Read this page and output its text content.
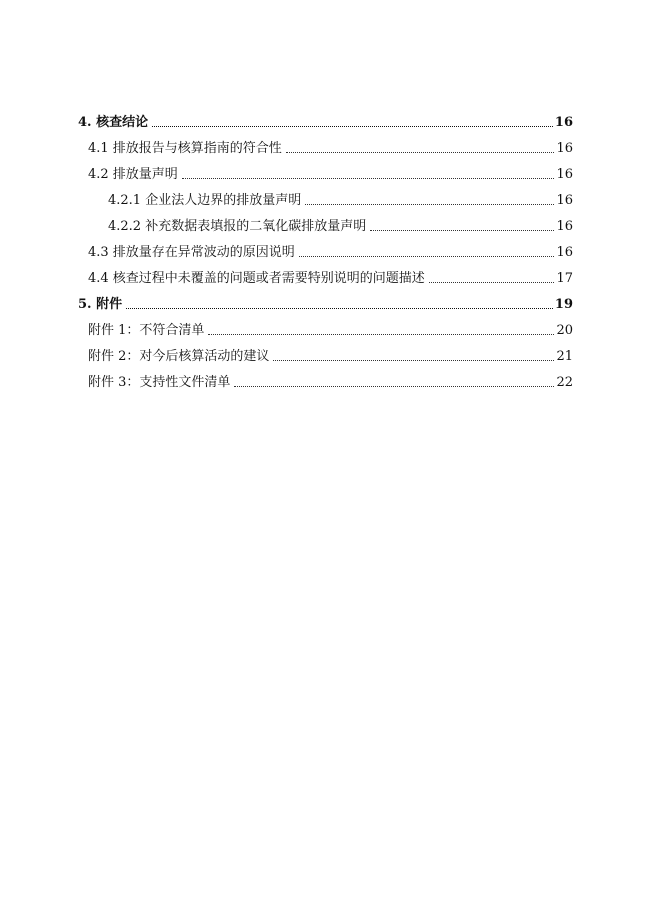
4. 核查结论	16
4.1 排放报告与核算指南的符合性	16
4.2 排放量声明	16
4.2.1 企业法人边界的排放量声明	16
4.2.2 补充数据表填报的二氧化碳排放量声明	16
4.3 排放量存在异常波动的原因说明	16
4.4 核查过程中未覆盖的问题或者需要特别说明的问题描述	17
5. 附件	19
附件 1：不符合清单	20
附件 2：对今后核算活动的建议	21
附件 3：支持性文件清单	22
